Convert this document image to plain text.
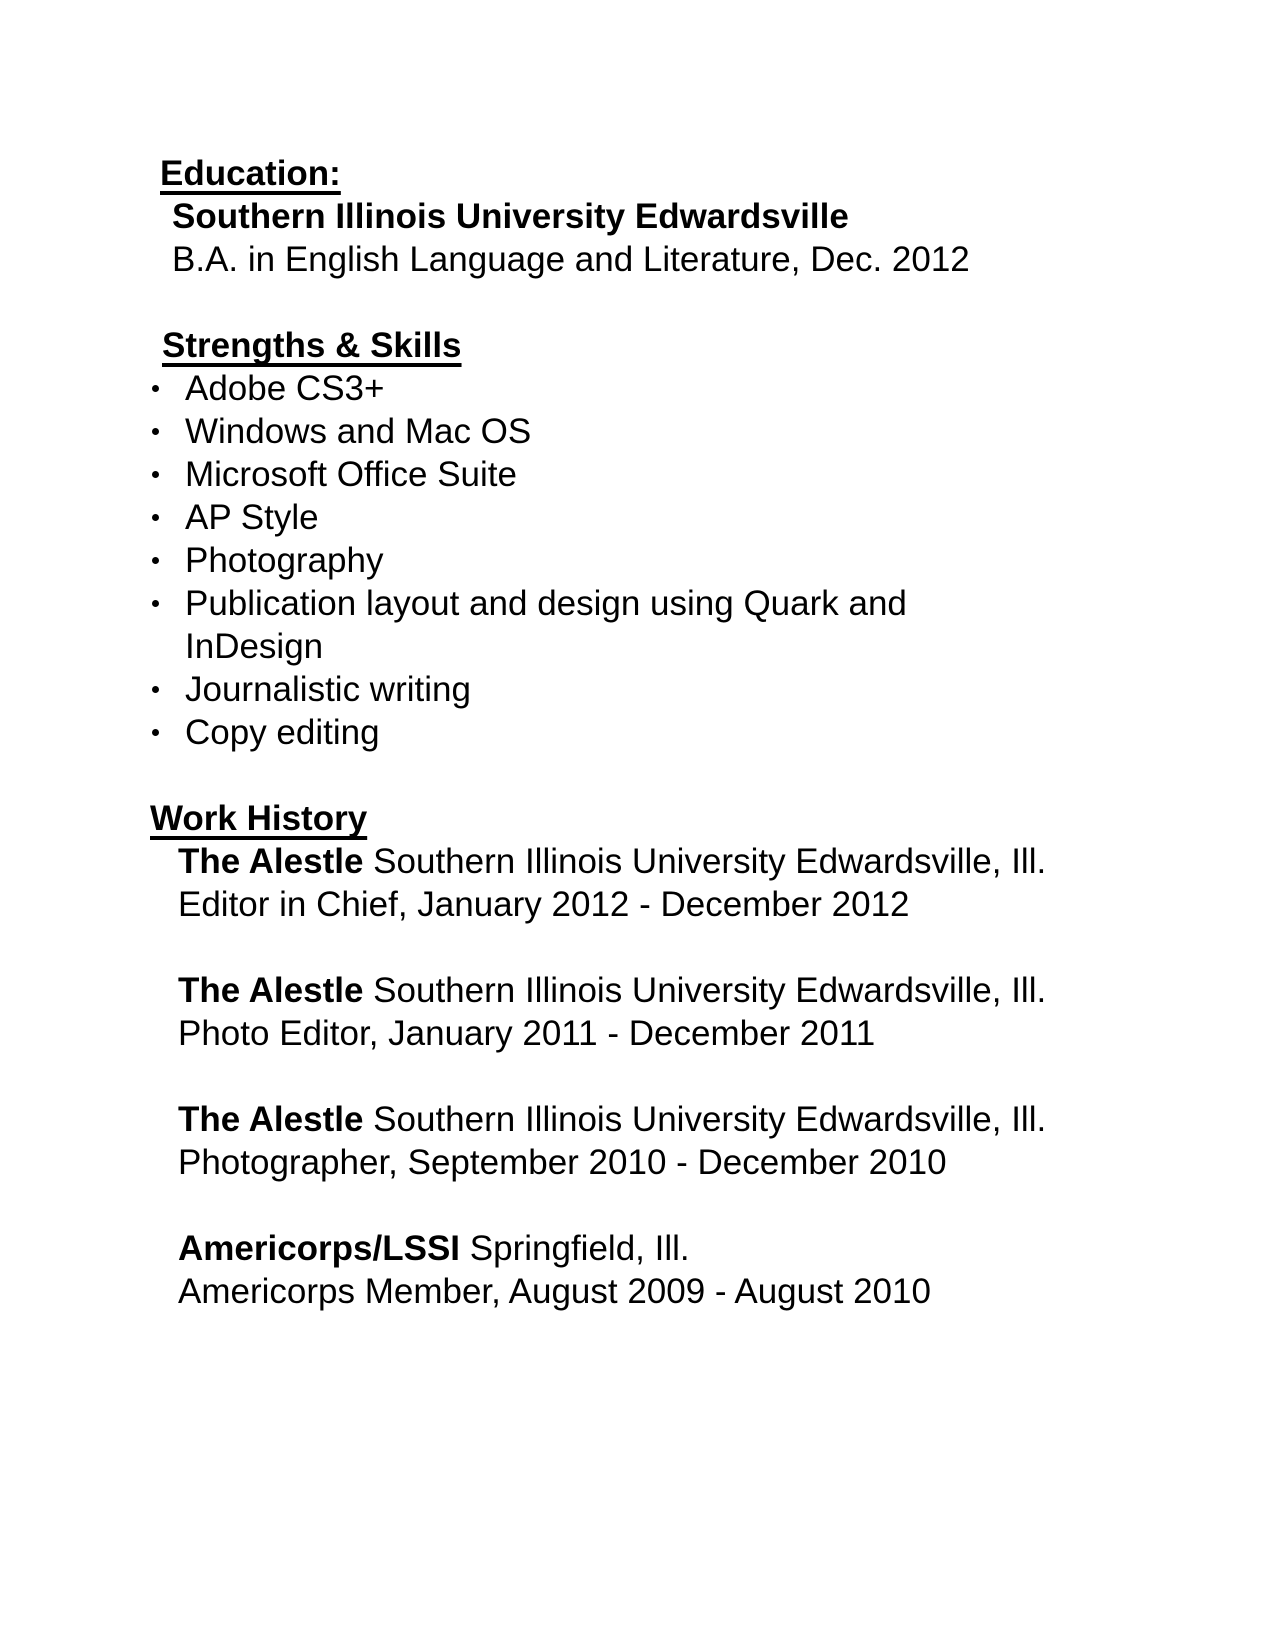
Education:

Southern Illinois University Edwardsville

B.A. in English Language and Literature, Dec. 2012

Strengths & Skills
Adobe CS3+
Windows and Mac OS
Microsoft Office Suite
AP Style
Photography
Publication layout and design using Quark and InDesign
Journalistic writing
Copy editing
Work History

The Alestle Southern Illinois University Edwardsville, Ill.

Editor in Chief, January 2012 - December 2012

The Alestle Southern Illinois University Edwardsville, Ill.

Photo Editor, January 2011 - December 2011

The Alestle Southern Illinois University Edwardsville, Ill.

Photographer, September 2010 - December 2010

Americorps/LSSI Springfield, Ill.

Americorps Member, August 2009 - August 2010
